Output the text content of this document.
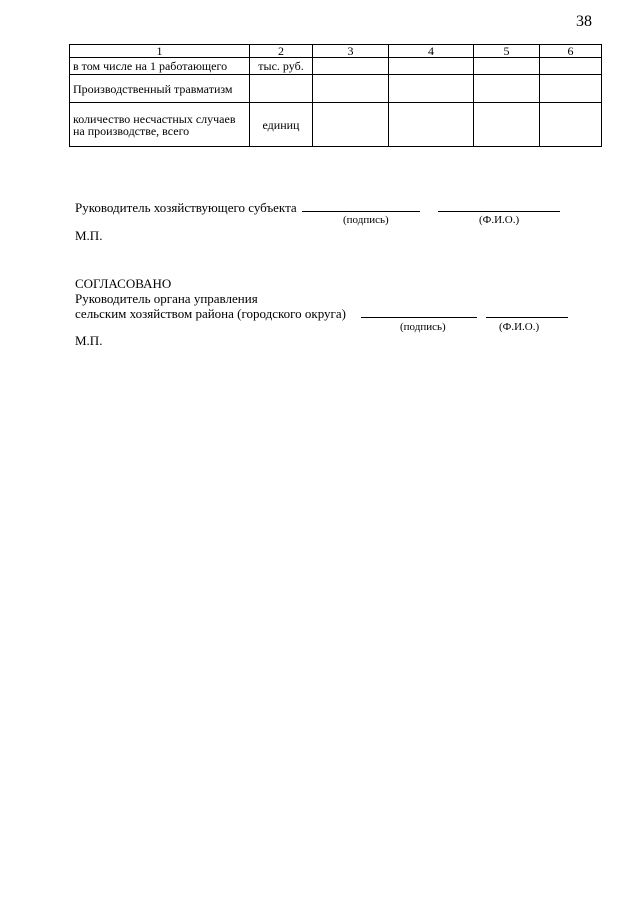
38
1	2	3	4	5	6
в том числе на 1 работающего	тыс. руб.				
Производственный травматизм					
количество несчастных случаев на производстве, всего	единиц				
Руководитель хозяйствующего субъекта
(подпись)	(Ф.И.О.)
М.П.
СОГЛАСОВАНО
Руководитель органа управления
сельским хозяйством района (городского округа)
(подпись)	(Ф.И.О.)
М.П.
